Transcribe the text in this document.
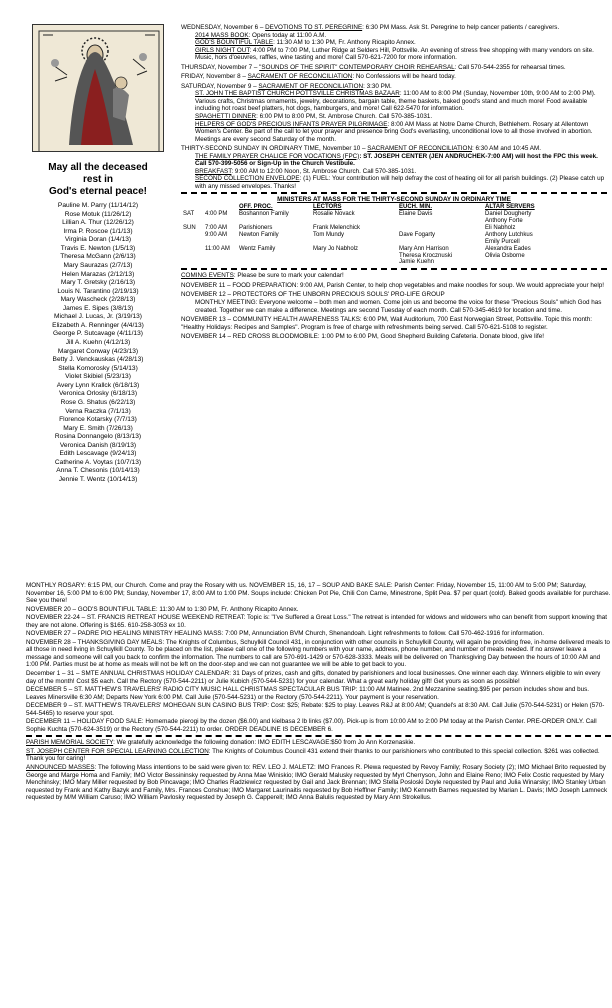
May all the deceased
rest in
God's eternal peace!
Pauline M. Parry (11/14/12)
Rose Motuk (11/26/12)
Lillian A. Thur (12/26/12)
Irma P. Roscoe (1/1/13)
Virginia Doran (1/4/13)
Travis E. Newton (1/5/13)
Theresa McGann (2/6/13)
Mary Saurazas (2/7/13)
Helen Marazas (2/12/13)
Mary T. Gretsky (2/16/13)
Louis N. Tarantino (2/19/13)
Mary Wascheck (2/28/13)
James E. Sipes (3/8/13)
Michael J. Lucas, Jr. (3/19/13)
Elizabeth A. Renninger (4/4/13)
George P. Sutcavage (4/11/13)
Jill A. Kuehn (4/12/13)
Margaret Conway (4/23/13)
Betty J. Venckauskas (4/28/13)
Stella Komorosky (5/14/13)
Violet Skibiel (5/23/13)
Avery Lynn Krallck (6/18/13)
Veronica Orlosky (6/18/13)
Rose G. Shatus (6/22/13)
Verna Raczka (7/1/13)
Florence Kotarsky (7/7/13)
Mary E. Smith (7/26/13)
Rosina Donnangelo (8/13/13)
Veronica Danish (8/19/13)
Edith Lescavage (9/24/13)
Catherine A. Voytas (10/7/13)
Anna T. Chesonis (10/14/13)
Jennie T. Wentz (10/14/13)
WEDNESDAY, November 6 – DEVOTIONS TO ST. PEREGRINE: 6:30 PM Mass. Ask St. Peregrine to help cancer patients / caregivers.
2014 MASS BOOK: Opens today at 11:00 A.M.
GOD'S BOUNTIFUL TABLE: 11:30 AM to 1:30 PM, Fr. Anthony Ricapito Annex.
GIRLS NIGHT OUT: 4:00 PM to 7:00 PM, Luther Ridge at Selders Hill, Pottsville. An evening of stress free shopping with many vendors on site. Music, hors d'oeuvres, raffles, wine tasting and more! Call 570-621-7200 for more information.
THURSDAY, November 7 – "SOUNDS OF THE SPIRIT" CONTEMPORARY CHOIR REHEARSAL: Call 570-544-2355 for rehearsal times.
FRIDAY, November 8 – SACRAMENT OF RECONCILIATION: No Confessions will be heard today.
SATURDAY, November 9 – SACRAMENT OF RECONCILIATION: 3:30 PM.
ST. JOHN THE BAPTIST CHURCH POTTSVILLE CHRISTMAS BAZAAR: 11:00 AM to 8:00 PM (Sunday, November 10th, 9:00 AM to 2:00 PM). Various crafts, Christmas ornaments, jewelry, decorations, bargain table, theme baskets, baked good's stand and much more! Food available including hot roast beef platters, hot dogs, hamburgers, and more! Call 622-5470 for information.
SPAGHETTI DINNER: 6:00 PM to 8:00 PM, St. Ambrose Church. Call 570-385-1031.
HELPERS OF GOD'S PRECIOUS INFANTS PRAYER PILGRIMAGE: 8:00 AM Mass at Notre Dame Church, Bethlehem. Rosary at Allentown Women's Center. Be part of the call to let your prayer and presence bring God's everlasting, unconditional love to all those involved in abortion. Meetings are every second Saturday of the month.
THIRTY-SECOND SUNDAY IN ORDINARY TIME, November 10 – SACRAMENT OF RECONCILIATION: 6:30 AM and 10:45 AM.
THE FAMILY PRAYER CHALICE FOR VOCATIONS (FPC): ST. JOSEPH CENTER (JEN ANDRUCHEK-7:00 AM) will host the FPC this week. Call 570-399-5056 or Sign-Up in the Church Vestibule.
BREAKFAST: 9:00 AM to 12:00 Noon, St. Ambrose Church. Call 570-385-1031.
SECOND COLLECTION ENVELOPE: (1) FUEL: Your contribution will help defray the cost of heating oil for all parish buildings. (2) Please catch up with any missed envelopes. Thanks!
MINISTERS AT MASS FOR THE THIRTY-SECOND SUNDAY IN ORDINARY TIME
		OFF. PROC.	LECTORS	EUCH. MIN.	ALTAR SERVERS
SAT	4:00 PM	Boshannon Family	Rosalie Novack	Elaine Davis	Daniel Dougherty
Anthony Forte
SUN	7:00 AM	Parishioners	Frank Melenchick		Eli Nabholz
	9:00 AM	Newton Family	Tom Mundy	Dave Fogarty	Anthony Lutchkus
Emily Purcell
	11:00 AM	Wentz Family	Mary Jo Nabholz	Mary Ann Harrison
Theresa Krocznuski
Jamie Kuehn	Alexandra Eades
Olivia Osborne
COMING EVENTS: Please be sure to mark your calendar!
NOVEMBER 11 – FOOD PREPARATION: 9:00 AM, Parish Center, to help chop vegetables and make noodles for soup. We would appreciate your help!
NOVEMBER 12 – PROTECTORS OF THE UNBORN PRECIOUS SOULS' PRO-LIFE GROUP
MONTHLY MEETING: Everyone welcome – both men and women. Come join us and become the voice for these "Precious Souls" which God has created. Together we can make a difference. Meetings are second Tuesday of each month. Call 570-345-4619 for location and time.
NOVEMBER 13 – COMMUNITY HEALTH AWARENESS TALKS: 6:00 PM, Wall Auditorium, 700 East Norwegian Street, Pottsville. Topic this month: "Healthy Holidays: Recipes and Samples". Program is free of charge with refreshments being served. Call 570-621-5108 to register.
NOVEMBER 14 – RED CROSS BLOODMOBILE: 1:00 PM to 6:00 PM, Good Shepherd Building Cafeteria. Donate blood, give life!

MONTHLY ROSARY: 6:15 PM, our Church. Come and pray the Rosary with us. NOVEMBER 15, 16, 17 – SOUP AND BAKE SALE: Parish Center: Friday, November 15, 11:00 AM to 5:00 PM; Saturday, November 16, 5:00 PM to 6:00 PM; Sunday, November 17, 8:00 AM to 1:00 PM. Soups include: Chicken Pot Pie, Chili Con Carne, Minestrone, Split Pea. $7 per quart (cold). Baked goods available for purchase. See you there!

NOVEMBER 20 – GOD'S BOUNTIFUL TABLE: 11:30 AM to 1:30 PM, Fr. Anthony Ricapito Annex.

NOVEMBER 22-24 – ST. FRANCIS RETREAT HOUSE WEEKEND RETREAT: Topic is: "I've Suffered a Great Loss." The retreat is intended for widows and widowers who can benefit from support knowing that they are not alone. Offering is $165. 610-258-3053 ex 10.

NOVEMBER 27 – PADRE PIO HEALING MINISTRY HEALING MASS: 7:00 PM, Annunciation BVM Church, Shenandoah. Light refreshments to follow. Call 570-462-1916 for information.

NOVEMBER 28 – THANKSGIVING DAY MEALS: The Knights of Columbus, Schuylkill Council 431, in conjunction with other councils in Schuylkill County, will again be providing free, in-home delivered meals to all those in need living in Schuylkill County. To be placed on the list, please call one of the following numbers with your name, address, phone number, and number of meals needed. If no answer leave a message and someone will call you back to confirm the information. The numbers to call are 570-691-1429 or 570-628-3333. Meals will be delivered on Thanksgiving Day between the hours of 10:00 AM and 1:00 PM. Parties must be at home as meals will not be left on the door-step and we can not guarantee we will be able to get back to you.

December 1 – 31 – SMTE ANNUAL CHRISTMAS HOLIDAY CALENDAR: 31 Days of prizes, cash and gifts, donated by parishioners and local businesses. One winner each day. Winners eligible to win every day of the month! Cost $5 each. Call the Rectory (570-544-2211) or Julie Kubich (570-544-5231) for your calendar. What a great early holiday gift! Get yours as soon as possible!

DECEMBER 5 – ST. MATTHEW'S TRAVELERS' RADIO CITY MUSIC HALL CHRISTMAS SPECTACULAR BUS TRIP: 11:00 AM Matinee. 2nd Mezzanine seating.$95 per person includes show and bus. Leaves Minersville 6:30 AM; Departs New York 6:00 PM. Call Julie (570-544-5231) or the Rectory (570-544-2211). Your payment is your reservation.

DECEMBER 9 – ST. MATTHEW'S TRAVELERS' MOHEGAN SUN CASINO BUS TRIP: Cost: $25; Rebate: $25 to play. Leaves R&J at 8:00 AM; Quandel's at 8:30 AM. Call Julie (570-544-5231) or Helen (570-544-5465) to reserve your spot.

DECEMBER 11 – HOLIDAY FOOD SALE: Homemade pierogi by the dozen ($6.00) and kielbasa 2 lb links ($7.00). Pick-up is from 10:00 AM to 2:00 PM today at the Parish Center. PRE-ORDER ONLY. Call Sophie Kuchta (570-624-3519) or the Rectory (570-544-2211) to order. ORDER DEADLINE IS DECEMBER 6.

PARISH MEMORIAL SOCIETY: We gratefully acknowledge the following donation: IMO EDITH LESCAVAGE:$50 from Jo Ann Korzenaskie.

ST. JOSEPH CENTER FOR SPECIAL LEARNING COLLECTION: The Knights of Columbus Council 431 extend their thanks to our parishioners who contributed to this special collection. $261 was collected. Thank you for caring!

ANNOUNCED MASSES: The following Mass intentions to be said were given to: REV. LEO J. MALETZ: IMO Frances R. Plewa requested by Revoy Family; Rosary Society (2); IMO Michael Brito requested by George and Marge Homa and Family; IMO Victor Bessininsky requested by Anna Mae Winiskio; IMO Gerald Malusky requested by Myrl Cherryson, John and Elaine Reno; IMO Felix Costic requested by Mary Menchinsky; IMO Mary Miller requested by Bob Pincavage; IMO Charles Radziewicz requested by Gail and Jack Brennan; IMO Stella Posloski Doyle requested by Paul and Julia Winarsky; IMO Stanley Urban requested by Frank and Kathy Bazyk and Family, Mrs. Frances Conshue; IMO Margaret Laurinaitis requested by Bob Hefflner Family; IMO Kenneth Barnes requested by Marian L. Davis; IMO Joseph Lamneck requested by M/M William Caruso; IMO William Pavlosky requested by Joseph G. Capperell; IMO Anna Balulis requested by Mary Ann Strokellus.
